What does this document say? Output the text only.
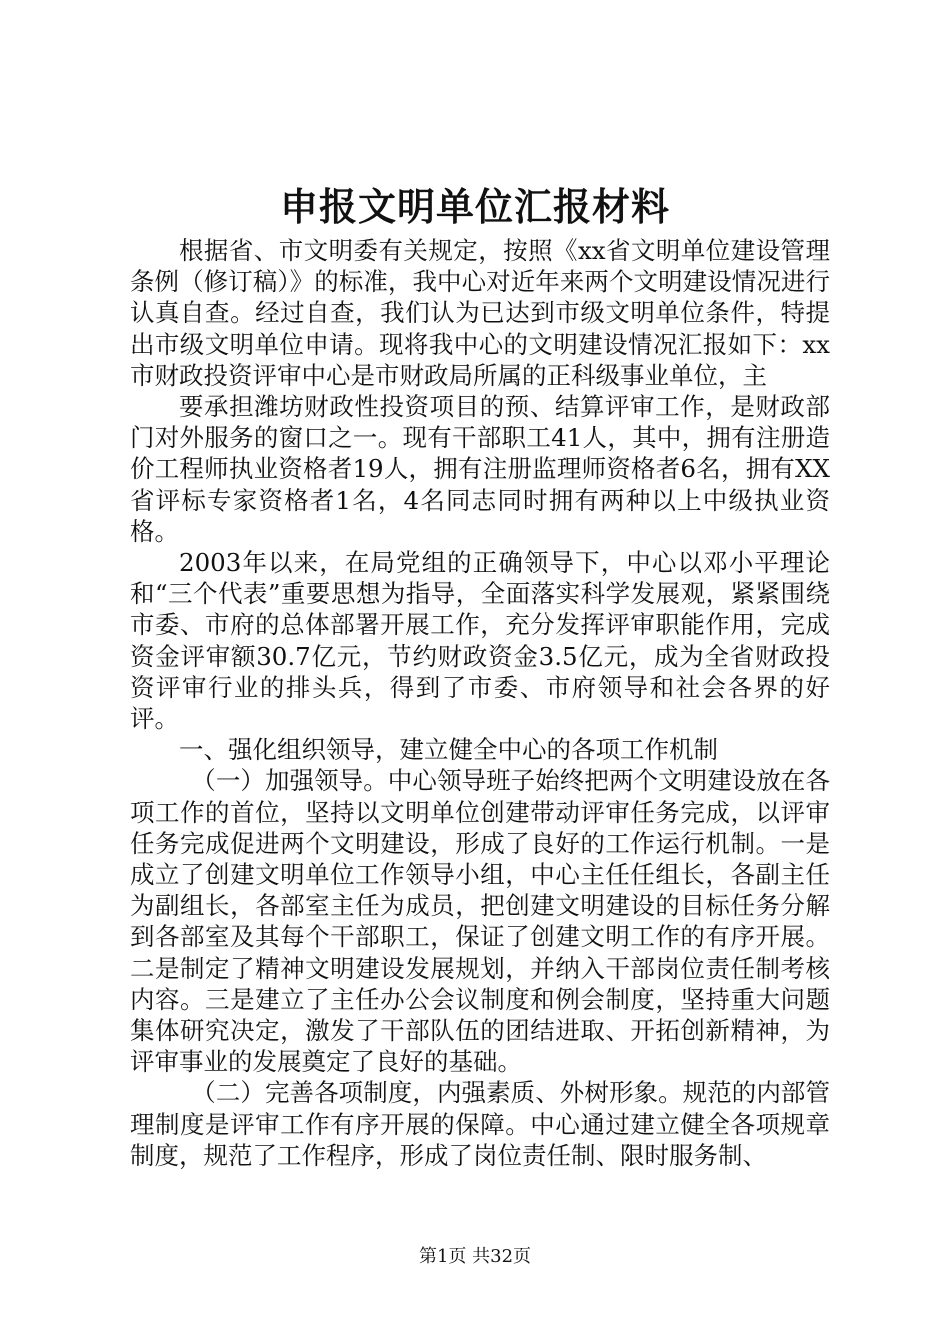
申报文明单位汇报材料

根据省、市文明委有关规定，按照《xx省文明单位建设管理条例（修订稿）》的标准，我中心对近年来两个文明建设情况进行认真自查。经过自查，我们认为已达到市级文明单位条件，特提出市级文明单位申请。现将我中心的文明建设情况汇报如下：xx市财政投资评审中心是市财政局所属的正科级事业单位，主

要承担潍坊财政性投资项目的预、结算评审工作，是财政部门对外服务的窗口之一。现有干部职工41人，其中，拥有注册造价工程师执业资格者19人，拥有注册监理师资格者6名，拥有XX省评标专家资格者1名，4名同志同时拥有两种以上中级执业资格。

2003年以来，在局党组的正确领导下，中心以邓小平理论和“三个代表”重要思想为指导，全面落实科学发展观，紧紧围绕市委、市府的总体部署开展工作，充分发挥评审职能作用，完成资金评审额30.7亿元，节约财政资金3.5亿元，成为全省财政投资评审行业的排头兵，得到了市委、市府领导和社会各界的好评。

一、强化组织领导，建立健全中心的各项工作机制

（一）加强领导。中心领导班子始终把两个文明建设放在各项工作的首位，坚持以文明单位创建带动评审任务完成，以评审任务完成促进两个文明建设，形成了良好的工作运行机制。一是成立了创建文明单位工作领导小组，中心主任任组长，各副主任为副组长，各部室主任为成员，把创建文明建设的目标任务分解到各部室及其每个干部职工，保证了创建文明工作的有序开展。二是制定了精神文明建设发展规划，并纳入干部岗位责任制考核内容。三是建立了主任办公会议制度和例会制度，坚持重大问题集体研究决定，激发了干部队伍的团结进取、开拓创新精神，为评审事业的发展奠定了良好的基础。

（二）完善各项制度，内强素质、外树形象。规范的内部管理制度是评审工作有序开展的保障。中心通过建立健全各项规章制度，规范了工作程序，形成了岗位责任制、限时服务制、

第1页 共32页
